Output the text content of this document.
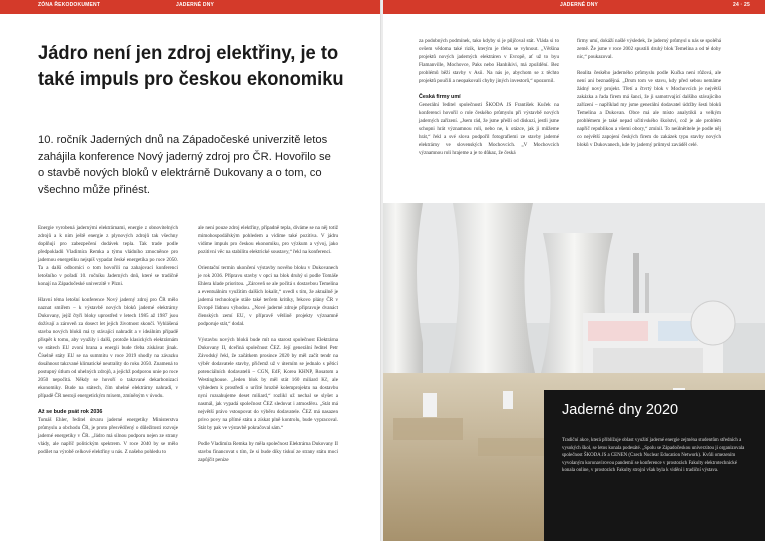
ZÓNA ŘEKODOKUMENT	JADERNÉ DNY
Jádro není jen zdroj elektřiny, je to také impuls pro českou ekonomiku

10. ročník Jaderných dnů na Západočeské univerzitě letos zahájila konference Nový jaderný zdroj pro ČR. Hovořilo se o stavbě nových bloků v elektrárně Dukovany a o tom, co všechno může přinést.

Energie vyrobená jadernými elektrárnami, energie z obnovitelných zdrojů a k nim ještě energie z plynových zdrojů tak všechny doplňují pro zabezpečení dodávek tepla. Tak trade podle předpokladů Vladimíra Remka a týmu vládního zmocněnce pro jadernou energetiku nejspíš vypadat české energetika po roce 2050. Ta a další odborníci o tom hovořili na zahajovací konferenci letošního v pořadí 10. ročníku Jaderných dnů, které se tradičně konají na Západočeské univerzitě v Plzni.

Hlavní téma letošní konference Nový jaderný zdroj pro ČR mělo naznat smířem – k výstavbě nových bloků jaderné elektrárny Dukovany, jejíž čtyři bloky uprostřed v letech 1985 až 1987 jsou dožívají a zároveň za dosect let jejich životnost skončí. Vyhlášená stavba nových bloků má ty stávající nahradit a v ideálním případě přispět k tomu, aby využily i další, protože klasických elektrárnám ve státech EU zvoní hrana a energii bude třeba získávat jinak. Číselně státy EU se na summitu v roce 2019 shodly na závazku dosáhnout takzvané klimatické neutrality do roku 2050. Znamená to postupný útlum od uhelných zdrojů, a jejichž podporou unie po roce 2050 nepočítá. Někdy se hovoří o takzvané dekarbonizaci ekonomiky. Bude na státech, čím uhelné elektrárny nahradí, v případě ČR nestojí energetickým mixem, zmíněným v úvodu.

Až se bude psát rok 2036

Tomáš Ehler, ředitel útvaru jaderné energetiky Ministerstva průmyslu a obchodu ČR, je proto přesvědčený o důležitosti rozvoje jaderné energetiky v ČR. „Jádro má silnou podporu nejen ze strany vlády, ale napříč politickým spektrem. V roce 2040 by se mělo podílet na výrobě celkové elektřiny u nás. Z našeho pohledu to

ale není pouze zdroj elektřiny, případně tepla, díváme se na něj totiž mimohospodářským pohledem a vidíme také pozitiva. V jádru vidíme impuls pro českou ekonomiku, pro výzkum a vývoj, jako pozitivní věc na stabilitu elektrické soustavy,“ řekl na konferenci.

Orientační termín ukončení výstavby nového bloku v Dukovanech je rok 2036. Přípravu stavby v opci na blok druhý si podle Tomáše Ehlera klade prioritou. „Zároveň se ale počítá s dostavbou Temelína a eventuálním využitím dalších lokalit,“ uvedl s tím, že aktuálně je jaderná technologie stále také terčem kritiky, řekovo plány ČR v Evropě řádnou výhodou. „Nové jaderné zdroje připravuje dvanáct členských zemí EU, v přípravě většině projekty významně podporuje stát,“ dodal.

Výstavbu nových bloků bude mít na starost společnost Elektrárna Dukovany II, dceřiná společnost ČEZ. Její generální ředitel Petr Závodský řekl, že začátkem prosince 2020 by měl začít tendr na výběr dodavatele stavby, přičemž už v úterním se jednalo s pěticí potenciálních dodavatelů – CGN, EdF, Korea KHNP, Rosatom a Westinghouse. „Jeden blok by měl stát 160 miliard Kč, ale výhledem k prostředí o určité hrozbě kolemprojektu na dostavbu nyní rozsahujeme deset miliard,“ rozlikl už nechal se slyšet a nasmál, jak vypadá společnost ČEZ sledovat i atmosféru. „Stát má největší právo vstoupovat do výběru dodavatele. ČEZ má nasazen privo povy na přímé státu a získat plně kontrolu, bude vypracoval. Stát by pak ve výstavbě pokračoval sám.“

Podle Vladimíra Remka by měla společnost Elektrárna Dukovany II stavbu financovat s tím, že si bude díky tiskuí ze strany státu moci zapůjčit peníze

JADERNÉ DNY	24 · 25

za podobných podmínek, tako kdyby si je půjčoval stát. Vláda si to ovšem vědoma také rizik, kterým je třeba se vyhnout. „Většina projektů nových jaderných elektráren v Evropě, ať už to byu Flamanville, Mochovce, Paks nebo Hanhikivi, má zpoždění. Bez problémů běží stavby v Asii. Na nás je, abychom se z těchto projektů poučili a neopakovali chyby jiných investorů,“ upozornil.

Česká firmy umí

Generální ředitel společnosti ŠKODA JS František Kuček na konferenci hovořil o role českého průmyslu při výstavbě nových jaderných zařízení. „Jsem rád, že jsme přešli od diskuzí, jestli jsme schopni hrát významnou roli, nebo ne, k otázce, jak ji můžeme hrát,“ řekl a své slova podpořil fotografiemi ze stavby jaderné elektrárny ve slovenských Mochovcích. „V Mochovcích významnou roli hrajeme a je to důkaz, že česká

firmy umí, dokáží našlé výsledek, že jaderný průmysl u nás se spoléhá země. Že jsme v roce 2002 spustili druhý blok Temelína a od té doby nic,“ poukazoval.

Realita českého jaderného průmyslu podle Kučka není růžová, ale není ani beznadějná. „Drsm tom ve stavu, kdy před sebou nemáme žádný nový projekt. Třetí a čtvrtý blok v Mochovcích je největší zakázka a řada firem má šanci, že ji samotrvající dalšího stávajícího zařízení – například my jsme generální dodavatel údržby šesti bloků Temelína a Dukovan. Obce má ale místo analytiků a velkým problémem je také nepad učitivského školství, což je ale problém napříč republikou a všemi obory,“ zmínil. To neúlnětitele je podle něj co největší zapojení českých firem do zakázek typu stavby nových bloků v Dukovanech, kde by jaderný průmysl zaváděl celé.

Jaderné dny 2020

Tradiční akce, která přiblížuje oblast využití jaderné energie zejména studentům středních a vysokých škol, se letos konala podesáté. „Spolu se Západočeskou univerzitou ji organizovala společnost ŠKODA JS a CENEN (Czech Nuclear Education Network). Kvůli omezením vyvolaným koronavirovou pandemií se konference v prostorách Fakulty elektrotechnické konala online, v prostorách Fakulty strojní však byla k vidění i tradiční výstava.
